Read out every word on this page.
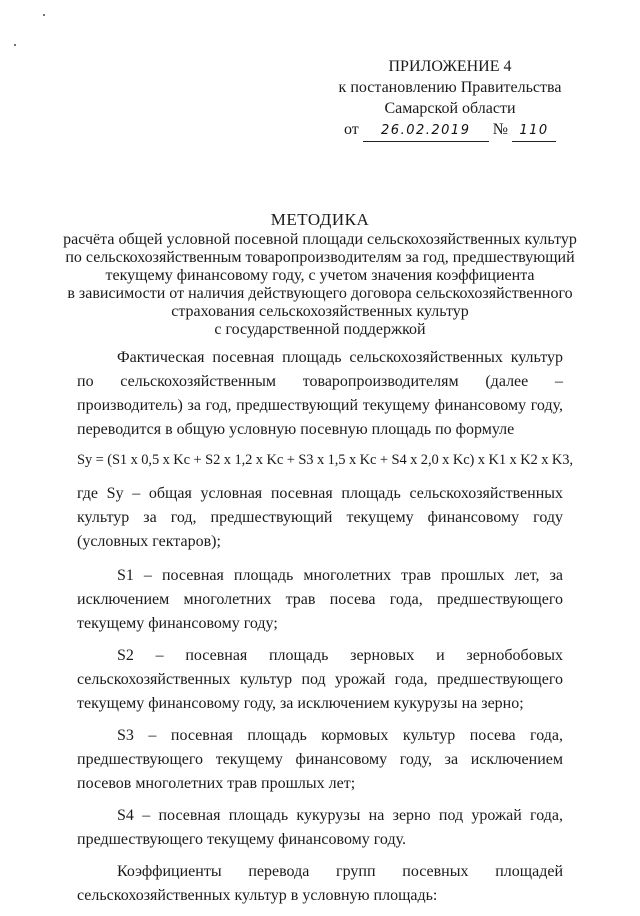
ПРИЛОЖЕНИЕ 4
к постановлению Правительства
Самарской области
от 26.02.2019 № 110
МЕТОДИКА
расчёта общей условной посевной площади сельскохозяйственных культур
по сельскохозяйственным товаропроизводителям за год, предшествующий
текущему финансовому году, с учетом значения коэффициента
в зависимости от наличия действующего договора сельскохозяйственного
страхования сельскохозяйственных культур
с государственной поддержкой

Фактическая посевная площадь сельскохозяйственных культур по сельскохозяйственным товаропроизводителям (далее – производитель) за год, предшествующий текущему финансовому году, переводится в общую условную посевную площадь по формуле

Sy = (S1 x 0,5 x Kc + S2 x 1,2 x Kc + S3 x 1,5 x Kc + S4 x 2,0 x Kc) x K1 x K2 x K3,

где Sy – общая условная посевная площадь сельскохозяйственных культур за год, предшествующий текущему финансовому году (условных гектаров);

S1 – посевная площадь многолетних трав прошлых лет, за исключением многолетних трав посева года, предшествующего текущему финансовому году;

S2 – посевная площадь зерновых и зернобобовых сельскохозяйственных культур под урожай года, предшествующего текущему финансовому году, за исключением кукурузы на зерно;

S3 – посевная площадь кормовых культур посева года, предшествующего текущему финансовому году, за исключением посевов многолетних трав прошлых лет;

S4 – посевная площадь кукурузы на зерно под урожай года, предшествующего текущему финансовому году.

Коэффициенты перевода групп посевных площадей сельскохозяйственных культур в условную площадь:
